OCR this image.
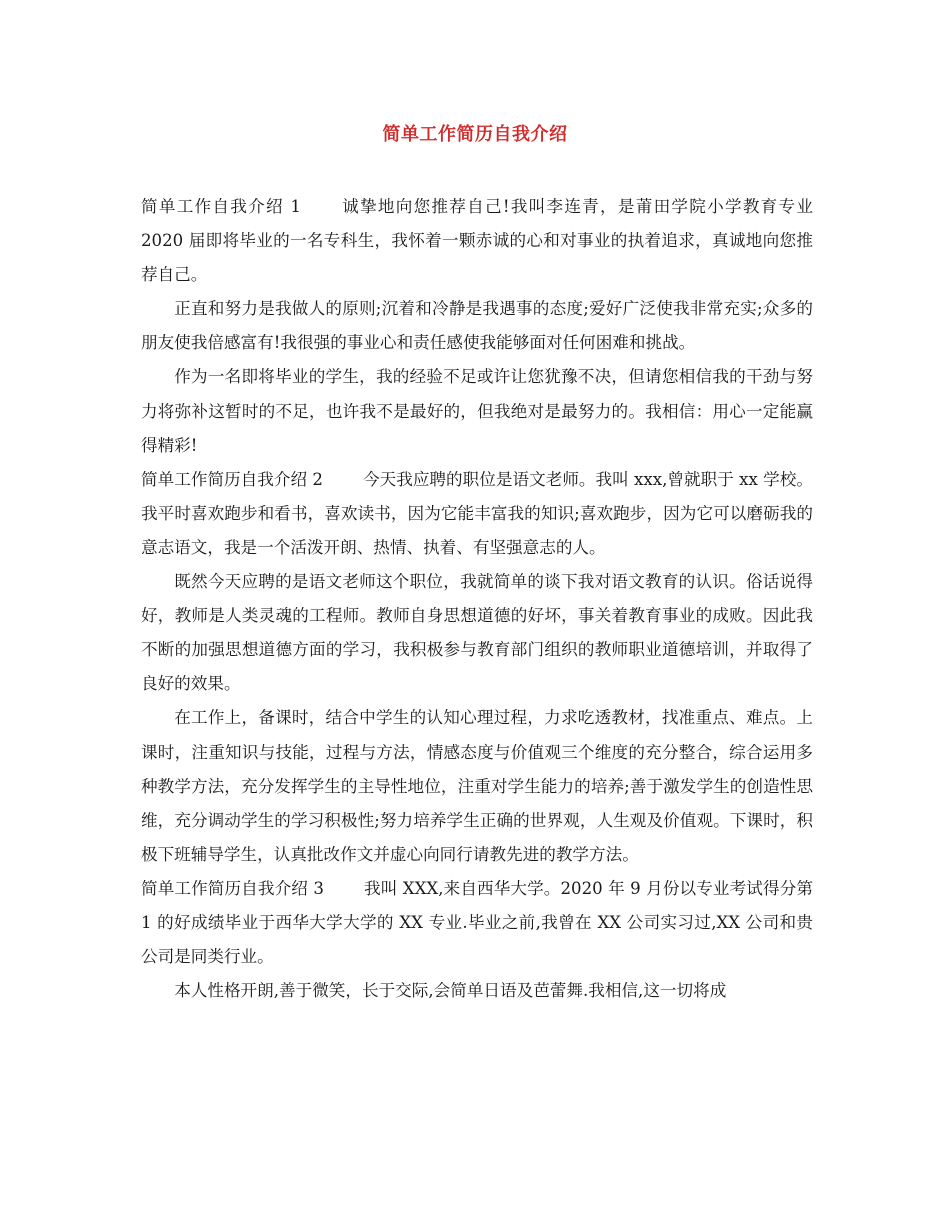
简单工作简历自我介绍

简单工作自我介绍 1 诚挚地向您推荐自己!我叫李连青，是莆田学院小学教育专业 2020 届即将毕业的一名专科生，我怀着一颗赤诚的心和对事业的执着追求，真诚地向您推荐自己。

正直和努力是我做人的原则;沉着和冷静是我遇事的态度;爱好广泛使我非常充实;众多的朋友使我倍感富有!我很强的事业心和责任感使我能够面对任何困难和挑战。

作为一名即将毕业的学生，我的经验不足或许让您犹豫不决，但请您相信我的干劲与努力将弥补这暂时的不足，也许我不是最好的，但我绝对是最努力的。我相信：用心一定能赢得精彩!

简单工作简历自我介绍 2 今天我应聘的职位是语文老师。我叫 xxx,曾就职于 xx 学校。我平时喜欢跑步和看书，喜欢读书，因为它能丰富我的知识;喜欢跑步，因为它可以磨砺我的意志语文，我是一个活泼开朗、热情、执着、有坚强意志的人。

既然今天应聘的是语文老师这个职位，我就简单的谈下我对语文教育的认识。俗话说得好，教师是人类灵魂的工程师。教师自身思想道德的好坏，事关着教育事业的成败。因此我不断的加强思想道德方面的学习，我积极参与教育部门组织的教师职业道德培训，并取得了良好的效果。

在工作上，备课时，结合中学生的认知心理过程，力求吃透教材，找准重点、难点。上课时，注重知识与技能，过程与方法，情感态度与价值观三个维度的充分整合，综合运用多种教学方法，充分发挥学生的主导性地位，注重对学生能力的培养;善于激发学生的创造性思维，充分调动学生的学习积极性;努力培养学生正确的世界观，人生观及价值观。下课时，积极下班辅导学生，认真批改作文并虚心向同行请教先进的教学方法。

简单工作简历自我介绍 3 我叫 XXX,来自西华大学。2020 年 9 月份以专业考试得分第 1 的好成绩毕业于西华大学大学的 XX 专业.毕业之前,我曾在 XX 公司实习过,XX 公司和贵公司是同类行业。

本人性格开朗,善于微笑，长于交际,会简单日语及芭蕾舞.我相信,这一切将成
